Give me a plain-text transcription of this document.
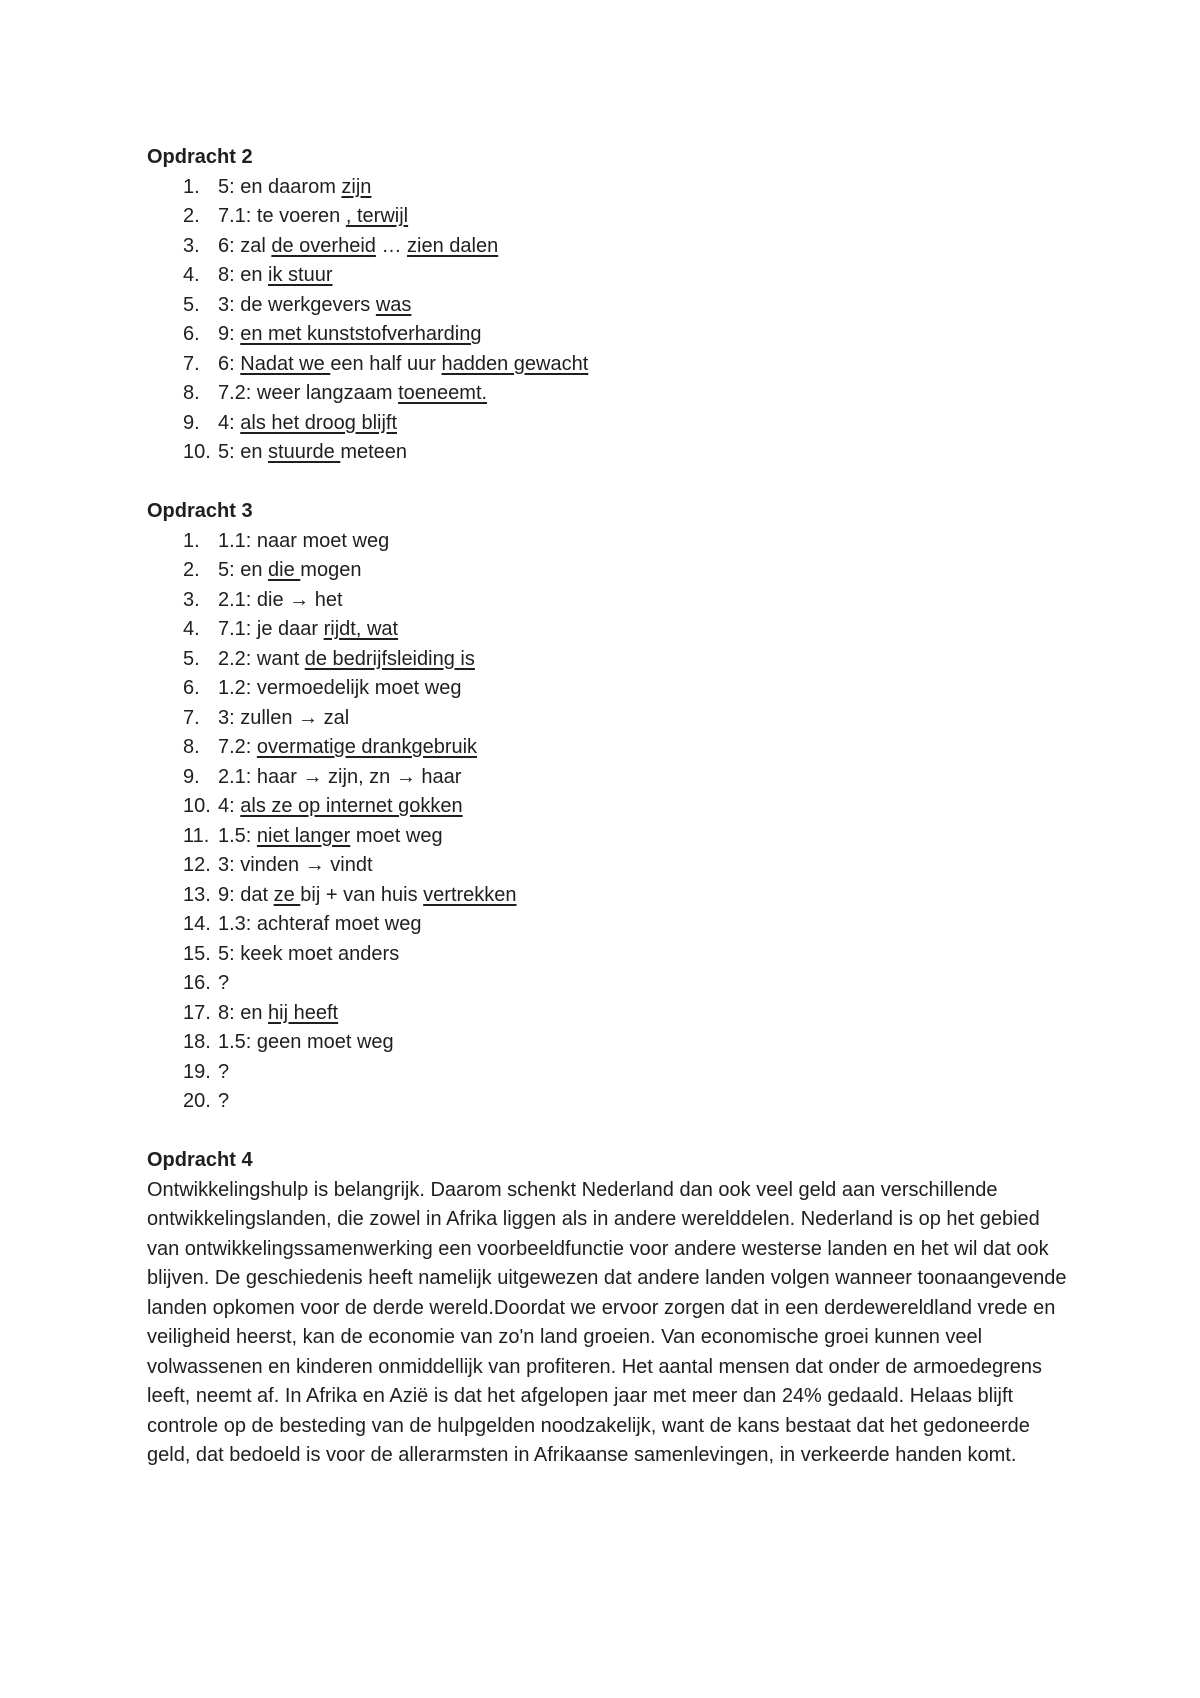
Opdracht 2

1. 5: en daarom zijn
2. 7.1: te voeren , terwijl
3. 6: zal de overheid … zien dalen
4. 8: en ik stuur
5. 3: de werkgevers was
6. 9: en met kunststofverharding
7. 6: Nadat we een half uur hadden gewacht
8. 7.2: weer langzaam toeneemt.
9. 4: als het droog blijft
10. 5: en stuurde meteen

Opdracht 3

1. 1.1: naar moet weg
2. 5: en die mogen
3. 2.1: die → het
4. 7.1: je daar rijdt, wat
5. 2.2: want de bedrijfsleiding is
6. 1.2: vermoedelijk moet weg
7. 3: zullen → zal
8. 7.2: overmatige drankgebruik
9. 2.1: haar → zijn, zn → haar
10. 4: als ze op internet gokken
11. 1.5: niet langer moet weg
12. 3: vinden → vindt
13. 9: dat ze bij + van huis vertrekken
14. 1.3: achteraf moet weg
15. 5: keek moet anders
16. ?
17. 8: en hij heeft
18. 1.5: geen moet weg
19. ?
20. ?

Opdracht 4

Ontwikkelingshulp is belangrijk. Daarom schenkt Nederland dan ook veel geld aan verschillende ontwikkelingslanden, die zowel in Afrika liggen als in andere werelddelen. Nederland is op het gebied van ontwikkelingssamenwerking een voorbeeldfunctie voor andere westerse landen en het wil dat ook blijven. De geschiedenis heeft namelijk uitgewezen dat andere landen volgen wanneer toonaangevende landen opkomen voor de derde wereld.Doordat we ervoor zorgen dat in een derdewereldland vrede en veiligheid heerst, kan de economie van zo'n land groeien. Van economische groei kunnen veel volwassenen en kinderen onmiddellijk van profiteren. Het aantal mensen dat onder de armoedegrens leeft, neemt af. In Afrika en Azië is dat het afgelopen jaar met meer dan 24% gedaald. Helaas blijft controle op de besteding van de hulpgelden noodzakelijk, want de kans bestaat dat het gedoneerde geld, dat bedoeld is voor de allerarmsten in Afrikaanse samenlevingen, in verkeerde handen komt.
